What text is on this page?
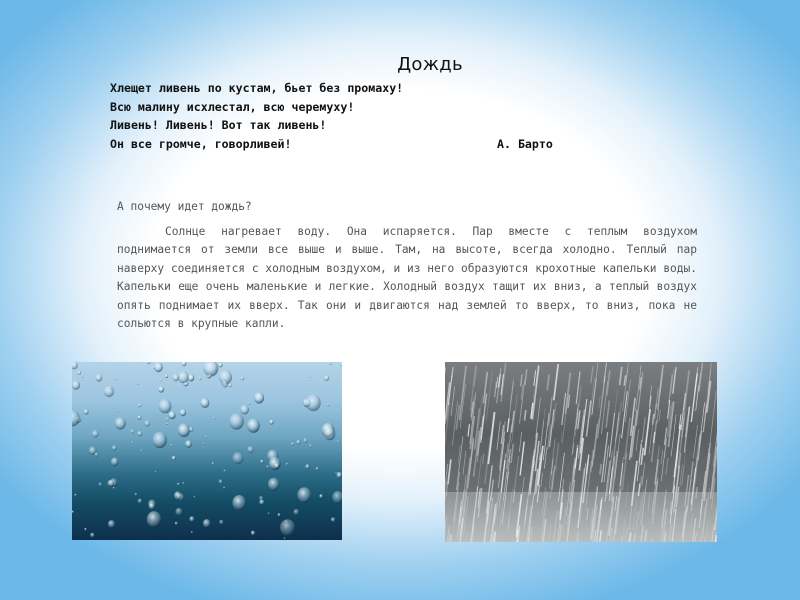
Дождь
Хлещет ливень по кустам, бьет без промаху!
Всю малину исхлестал, всю черемуху!
Ливень! Ливень! Вот так ливень!
Он все громче, говорливей!	А. Барто
А почему идет дождь?

Солнце нагревает воду. Она испаряется. Пар вместе с теплым воздухом поднимается от земли все выше и выше. Там, на высоте, всегда холодно. Теплый пар наверху соединяется с холодным воздухом, и из него образуются крохотные капельки воды. Капельки еще очень маленькие и легкие. Холодный воздух тащит их вниз, а теплый воздух опять поднимает их вверх. Так они и двигаются над землей то вверх, то вниз, пока не сольются в крупные капли.
